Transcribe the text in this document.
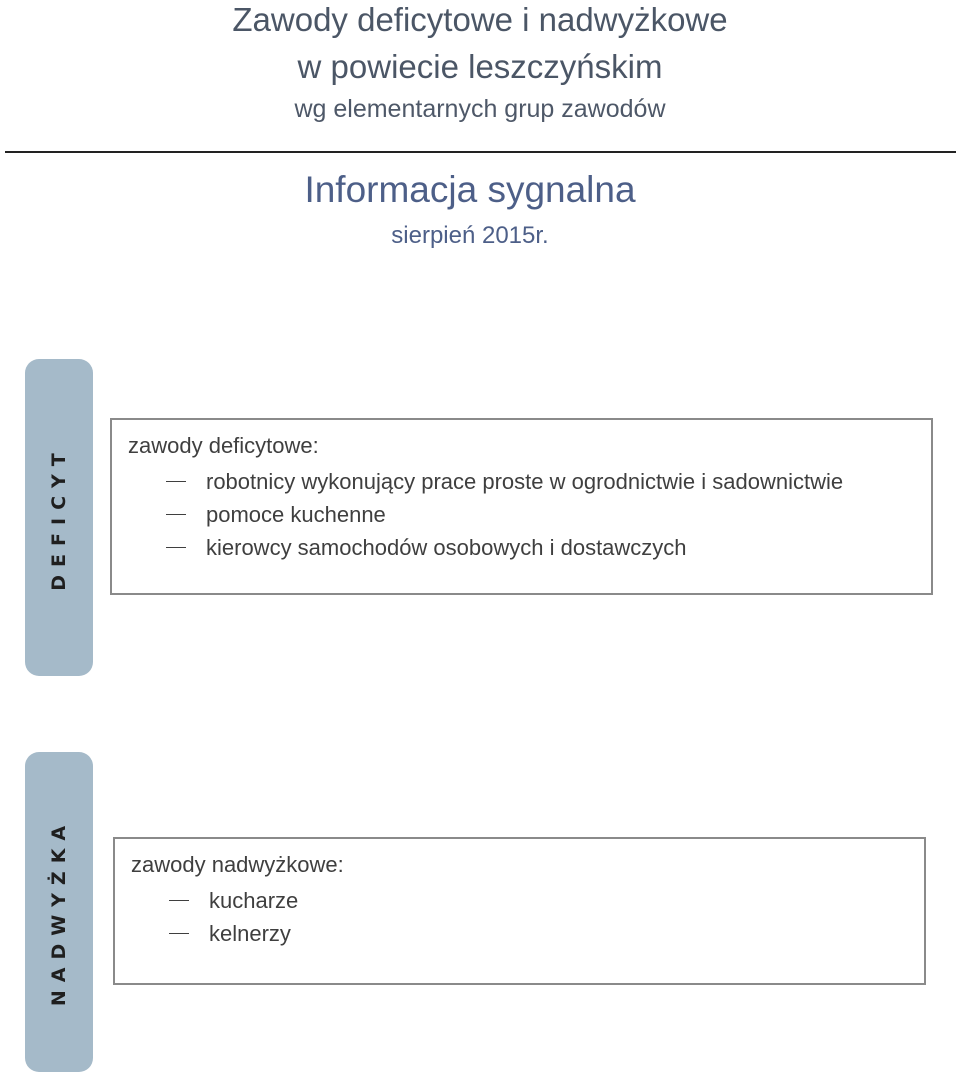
Zawody deficytowe i nadwyżkowe
w powiecie leszczyńskim
wg elementarnych grup zawodów
Informacja sygnalna
sierpień 2015r.
DEFICYT	zawody deficytowe:
robotnicy wykonujący prace proste w ogrodnictwie i sadownictwie
pomoce kuchenne
kierowcy samochodów osobowych i dostawczych
NADWYŻKA	zawody nadwyżkowe:
kucharze
kelnerzy
